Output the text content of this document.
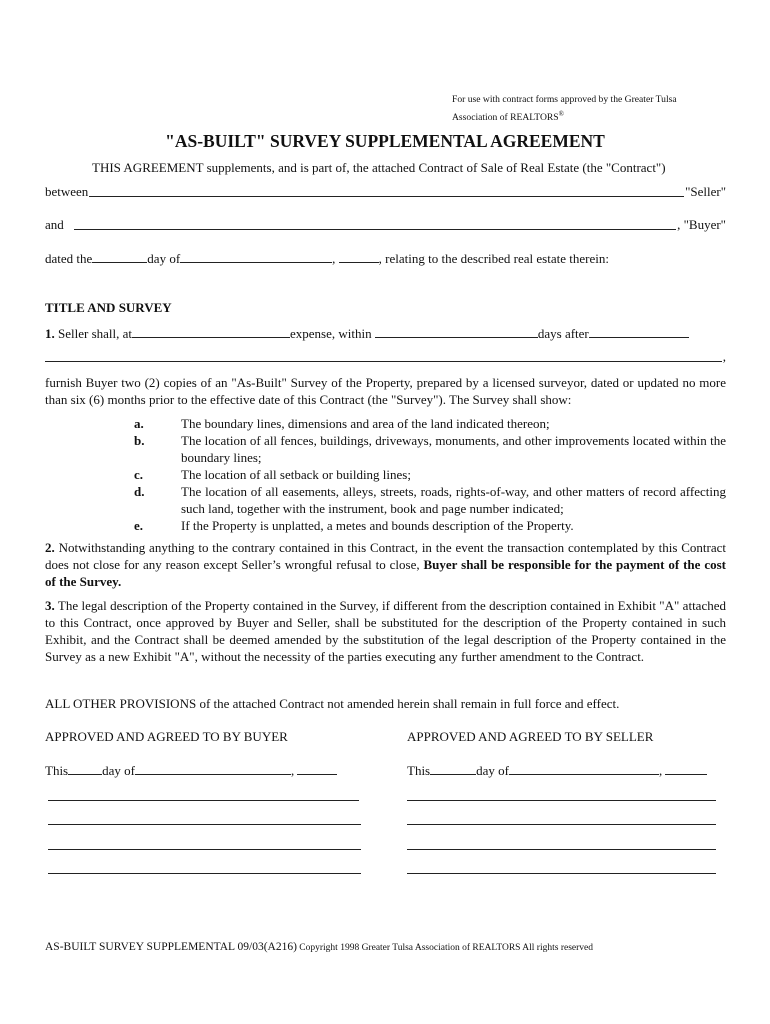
For use with contract forms approved by the Greater Tulsa
Association of REALTORS®
"AS-BUILT" SURVEY SUPPLEMENTAL AGREEMENT
THIS AGREEMENT supplements, and is part of, the attached Contract of Sale of Real Estate (the "Contract")
between	"Seller"
and	, "Buyer"
dated the	day of	,	, relating to the described real estate therein:
TITLE AND SURVEY
1. Seller shall, at	expense, within	days after
,
furnish Buyer two (2) copies of an "As-Built" Survey of the Property, prepared by a licensed surveyor, dated or updated no more than six (6) months prior to the effective date of this Contract (the "Survey"). The Survey shall show:
a.	The boundary lines, dimensions and area of the land indicated thereon;
b.	The location of all fences, buildings, driveways, monuments, and other improvements located within the boundary lines;
c.	The location of all setback or building lines;
d.	The location of all easements, alleys, streets, roads, rights-of-way, and other matters of record affecting such land, together with the instrument, book and page number indicated;
e.	If the Property is unplatted, a metes and bounds description of the Property.
2. Notwithstanding anything to the contrary contained in this Contract, in the event the transaction contemplated by this Contract does not close for any reason except Seller’s wrongful refusal to close, Buyer shall be responsible for the payment of the cost of the Survey.
3. The legal description of the Property contained in the Survey, if different from the description contained in Exhibit "A" attached to this Contract, once approved by Buyer and Seller, shall be substituted for the description of the Property contained in such Exhibit, and the Contract shall be deemed amended by the substitution of the legal description of the Property contained in the Survey as a new Exhibit "A", without the necessity of the parties executing any further amendment to the Contract.
ALL OTHER PROVISIONS of the attached Contract not amended herein shall remain in full force and effect.
APPROVED AND AGREED TO BY BUYER	APPROVED AND AGREED TO BY SELLER
This	day of	,	This	day of	,
AS-BUILT SURVEY SUPPLEMENTAL 09/03(A216) Copyright 1998 Greater Tulsa Association of REALTORS All rights reserved
